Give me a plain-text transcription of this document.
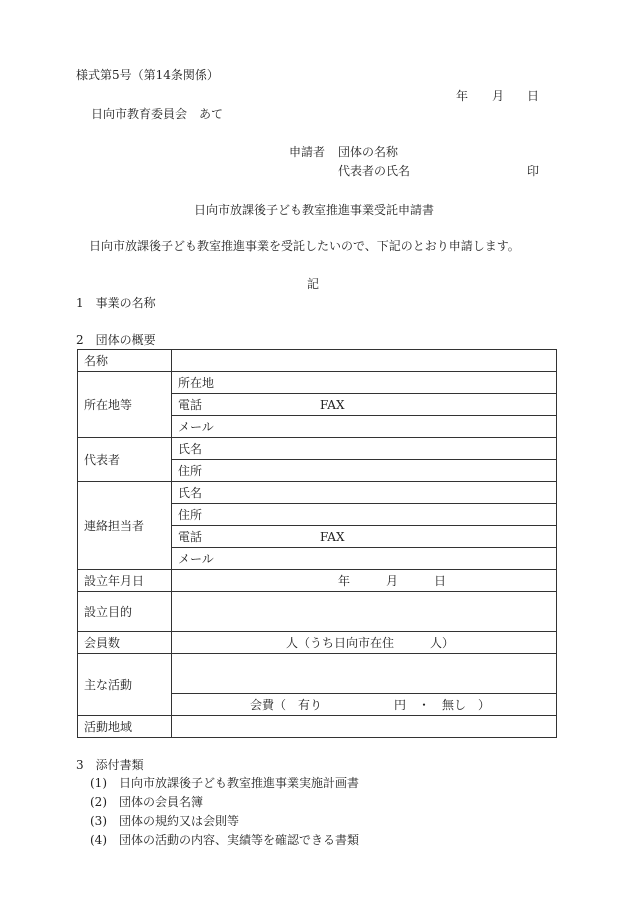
様式第5号（第14条関係）
年 月 日
日向市教育委員会　あて
申請者 団体の名称
代表者の氏名	印
日向市放課後子ども教室推進事業受託申請書
日向市放課後子ども教室推進事業を受託したいので、下記のとおり申請します。
記
1　事業の名称
2　団体の概要
名称	
所在地等	所在地
	電話 FAX
	メール
代表者	氏名
	住所
連絡担当者	氏名
	住所
	電話 FAX
	メール
設立年月日	年 月 日
設立目的	
会員数	人（うち日向市在住　　　人）
主な活動	
	会費（　有り　　　　　　円　・　無し　）
活動地域	
3　添付書類
(1)　日向市放課後子ども教室推進事業実施計画書
(2)　団体の会員名簿
(3)　団体の規約又は会則等
(4)　団体の活動の内容、実績等を確認できる書類
